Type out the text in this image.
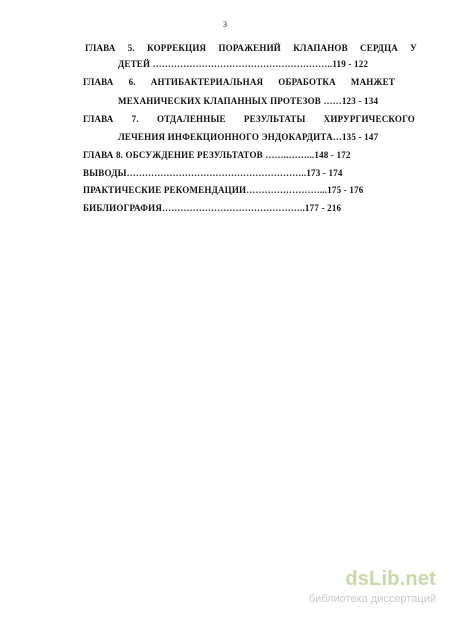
3
ГЛАВА 5. КОРРЕКЦИЯ ПОРАЖЕНИЙ КЛАПАНОВ СЕРДЦА У
ДЕТЕЙ …………………………………………………..119 - 122
ГЛАВА 6. АНТИБАКТЕРИАЛЬНАЯ ОБРАБОТКА МАНЖЕТ
МЕХАНИЧЕСКИХ КЛАПАННЫХ ПРОТЕЗОВ ……123 - 134
ГЛАВА 7. ОТДАЛЕННЫЕ РЕЗУЛЬТАТЫ ХИРУРГИЧЕСКОГО
ЛЕЧЕНИЯ ИНФЕКЦИОННОГО ЭНДОКАРДИТА…135 - 147
ГЛАВА 8. ОБСУЖДЕНИЕ РЕЗУЛЬТАТОВ ……..……...148 - 172
ВЫВОДЫ…………………………………………………..173 - 174
ПРАКТИЧЕСКИЕ РЕКОМЕНДАЦИИ……………………...175 - 176
БИБЛИОГРАФИЯ………………………………………..177 - 216
dsLib.net
библиотека диссертаций
